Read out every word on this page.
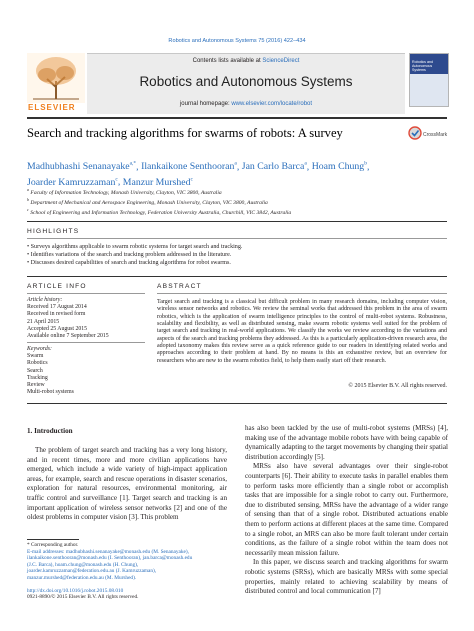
Robotics and Autonomous Systems 75 (2016) 422–434
ELSEVIER
Contents lists available at ScienceDirect
Robotics and Autonomous Systems
journal homepage: www.elsevier.com/locate/robot
Robotics and Autonomous Systems
Search and tracking algorithms for swarms of robots: A survey	CrossMark
Madhubhashi Senanayake$^{a,*}$, Ilankaikone Senthooran$^a$, Jan Carlo Barca$^a$, Hoam Chung$^b$,
Joarder Kamruzzaman$^c$, Manzur Murshed$^c$
$^a$ Faculty of Information Technology, Monash University, Clayton, VIC 3800, Australia
$^b$ Department of Mechanical and Aerospace Engineering, Monash University, Clayton, VIC 3800, Australia
$^c$ School of Engineering and Information Technology, Federation University Australia, Churchill, VIC 3842, Australia
HIGHLIGHTS
• Surveys algorithms applicable to swarm robotic systems for target search and tracking.
• Identifies variations of the search and tracking problem addressed in the literature.
• Discusses desired capabilities of search and tracking algorithms for robot swarms.
ARTICLE INFO	ABSTRACT
Article history:
Received 17 August 2014
Received in revised form
21 April 2015
Accepted 25 August 2015
Available online 7 September 2015
Keywords:
Swarm
Robotics
Search
Tracking
Review
Multi-robot systems
Target search and tracking is a classical but difficult problem in many research domains, including computer vision, wireless sensor networks and robotics. We review the seminal works that addressed this problem in the area of swarm robotics, which is the application of swarm intelligence principles to the control of multi-robot systems. Robustness, scalability and flexibility, as well as distributed sensing, make swarm robotic systems well suited for the problem of target search and tracking in real-world applications. We classify the works we review according to the variations and aspects of the search and tracking problems they addressed. As this is a particularly application-driven research area, the adopted taxonomy makes this review serve as a quick reference guide to our readers in identifying related works and approaches according to their problem at hand. By no means is this an exhaustive review, but an overview for researchers who are new to the swarm robotics field, to help them easily start off their research.
© 2015 Elsevier B.V. All rights reserved.
1. Introduction

The problem of target search and tracking has a very long history, and in recent times, more and more civilian applications have emerged, which include a wide variety of high-impact application areas, for example, search and rescue operations in disaster scenarios, exploration for natural resources, environmental monitoring, air traffic control and surveillance [1]. Target search and tracking is an important application of wireless sensor networks [2] and one of the oldest problems in computer vision [3]. This problem

has also been tackled by the use of multi-robot systems (MRSs) [4], making use of the advantage mobile robots have with being capable of dynamically adapting to the target movements by changing their spatial distribution accordingly [5].

MRSs also have several advantages over their single-robot counterparts [6]. Their ability to execute tasks in parallel enables them to perform tasks more efficiently than a single robot or accomplish tasks that are impossible for a single robot to carry out. Furthermore, due to distributed sensing, MRSs have the advantage of a wider range of sensing than that of a single robot. Distributed actuations enable them to perform actions at different places at the same time. Compared to a single robot, an MRS can also be more fault tolerant under certain conditions, as the failure of a single robot within the team does not necessarily mean mission failure.

In this paper, we discuss search and tracking algorithms for swarm robotic systems (SRSs), which are basically MRSs with some special properties, mainly related to achieving scalability by means of distributed control and local communication [7]

* Corresponding author.
E-mail addresses: madhubhashi.senanayake@monash.edu (M. Senanayake),
ilankaikone.senthooran@monash.edu (I. Senthooran), jan.barca@monash.edu
(J.C. Barca), hoam.chung@monash.edu (H. Chung),
joarder.kamruzzaman@federation.edu.au (J. Kamruzzaman),
manzur.murshed@federation.edu.au (M. Murshed).
http://dx.doi.org/10.1016/j.robot.2015.08.010
0921-8890/© 2015 Elsevier B.V. All rights reserved.
